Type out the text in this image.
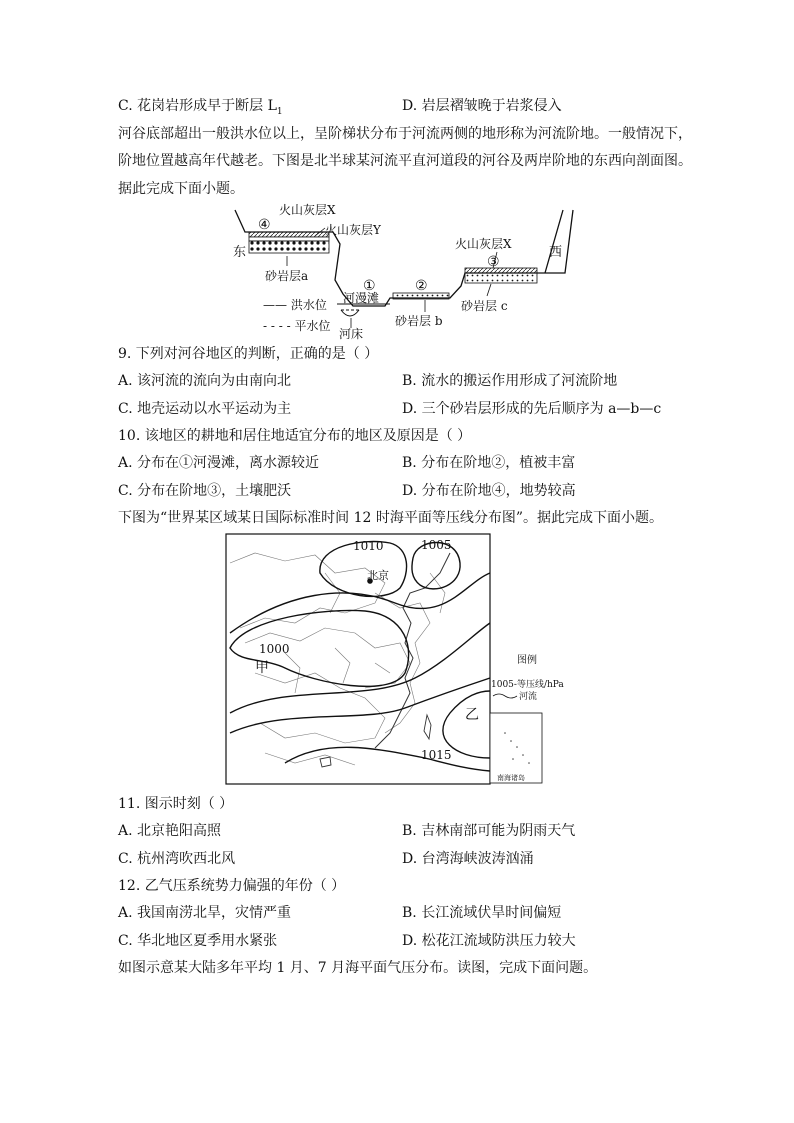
C. 花岗岩形成早于断层 $L_1$	D. 岩层褶皱晚于岩浆侵入
河谷底部超出一般洪水位以上，呈阶梯状分布于河流两侧的地形称为河流阶地。一般情况下，
阶地位置越高年代越老。下图是北半球某河流平直河道段的河谷及两岸阶地的东西向剖面图。
据此完成下面小题。
火山灰层X
火山灰层Y
④
东
砂岩层a
—— 洪水位
- - - - 平水位
①
河漫滩
河床
②
砂岩层 b
火山灰层X
③
砂岩层 c
西
9. 下列对河谷地区的判断，正确的是（ ）
A. 该河流的流向为由南向北	B. 流水的搬运作用形成了河流阶地
C. 地壳运动以水平运动为主	D. 三个砂岩层形成的先后顺序为 a—b—c
10. 该地区的耕地和居住地适宜分布的地区及原因是（ ）
A. 分布在①河漫滩，离水源较近	B. 分布在阶地②，植被丰富
C. 分布在阶地③，土壤肥沃	D. 分布在阶地④，地势较高
下图为“世界某区域某日国际标准时间 12 时海平面等压线分布图”。据此完成下面小题。
1010	1005
北京
1000
甲
乙
1015
图例
1005-等压线/hPa
河流
南海诸岛
11. 图示时刻（ ）
A. 北京艳阳高照	B. 吉林南部可能为阴雨天气
C. 杭州湾吹西北风	D. 台湾海峡波涛汹涌
12. 乙气压系统势力偏强的年份（ ）
A. 我国南涝北旱，灾情严重	B. 长江流域伏旱时间偏短
C. 华北地区夏季用水紧张	D. 松花江流域防洪压力较大
如图示意某大陆多年平均 1 月、7 月海平面气压分布。读图，完成下面问题。
